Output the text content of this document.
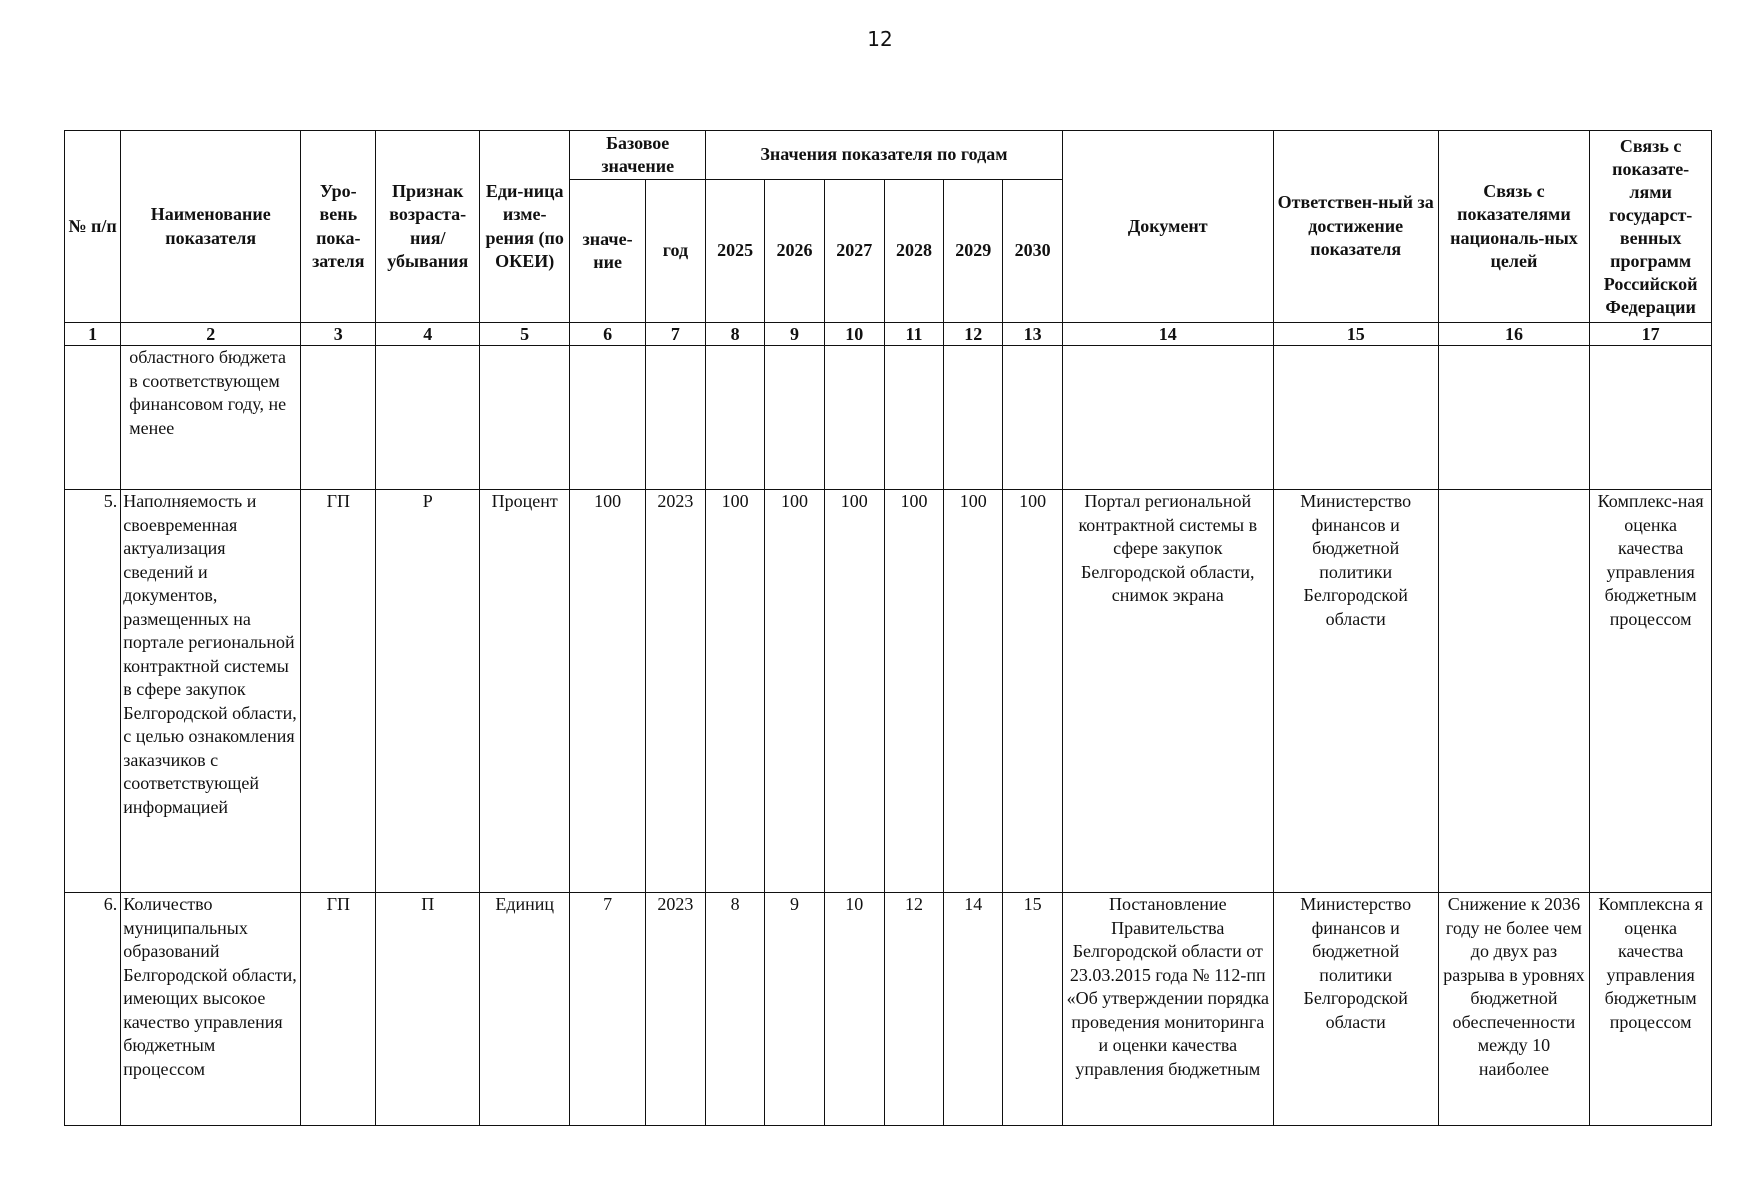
12
№ п/п	Наименование показателя	Уро-вень пока-зателя	Признак возраста-ния/ убывания	Еди-ница изме-рения (по ОКЕИ)	Базовое значение		Значения показателя по годам						Документ	Ответствен-ный за достижение показателя	Связь с показателями националь-ных целей	Связь с показате-лями государст-венных программ Российской Федерации
					значе-ние	год	2025	2026	2027	2028	2029	2030				
1	2	3	4	5	6	7	8	9	10	11	12	13	14	15	16	17
	областного бюджета в соответствующем финансовом году, не менее															
5.	Наполняемость и своевременная актуализация сведений и документов, размещенных на портале региональной контрактной системы в сфере закупок Белгородской области, с целью ознакомления заказчиков с соответствующей информацией	ГП	Р	Процент	100	2023	100	100	100	100	100	100	Портал региональной контрактной системы в сфере закупок Белгородской области, снимок экрана	Министерство финансов и бюджетной политики Белгородской области		Комплекс-ная оценка качества управления бюджетным процессом
6.	Количество муниципальных образований Белгородской области, имеющих высокое качество управления бюджетным процессом	ГП	П	Единиц	7	2023	8	9	10	12	14	15	Постановление Правительства Белгородской области от 23.03.2015 года № 112-пп «Об утверждении порядка проведения мониторинга и оценки качества управления бюджетным	Министерство финансов и бюджетной политики Белгородской области	Снижение к 2036 году не более чем до двух раз разрыва в уровнях бюджетной обеспеченности между 10 наиболее	Комплексна я оценка качества управления бюджетным процессом
